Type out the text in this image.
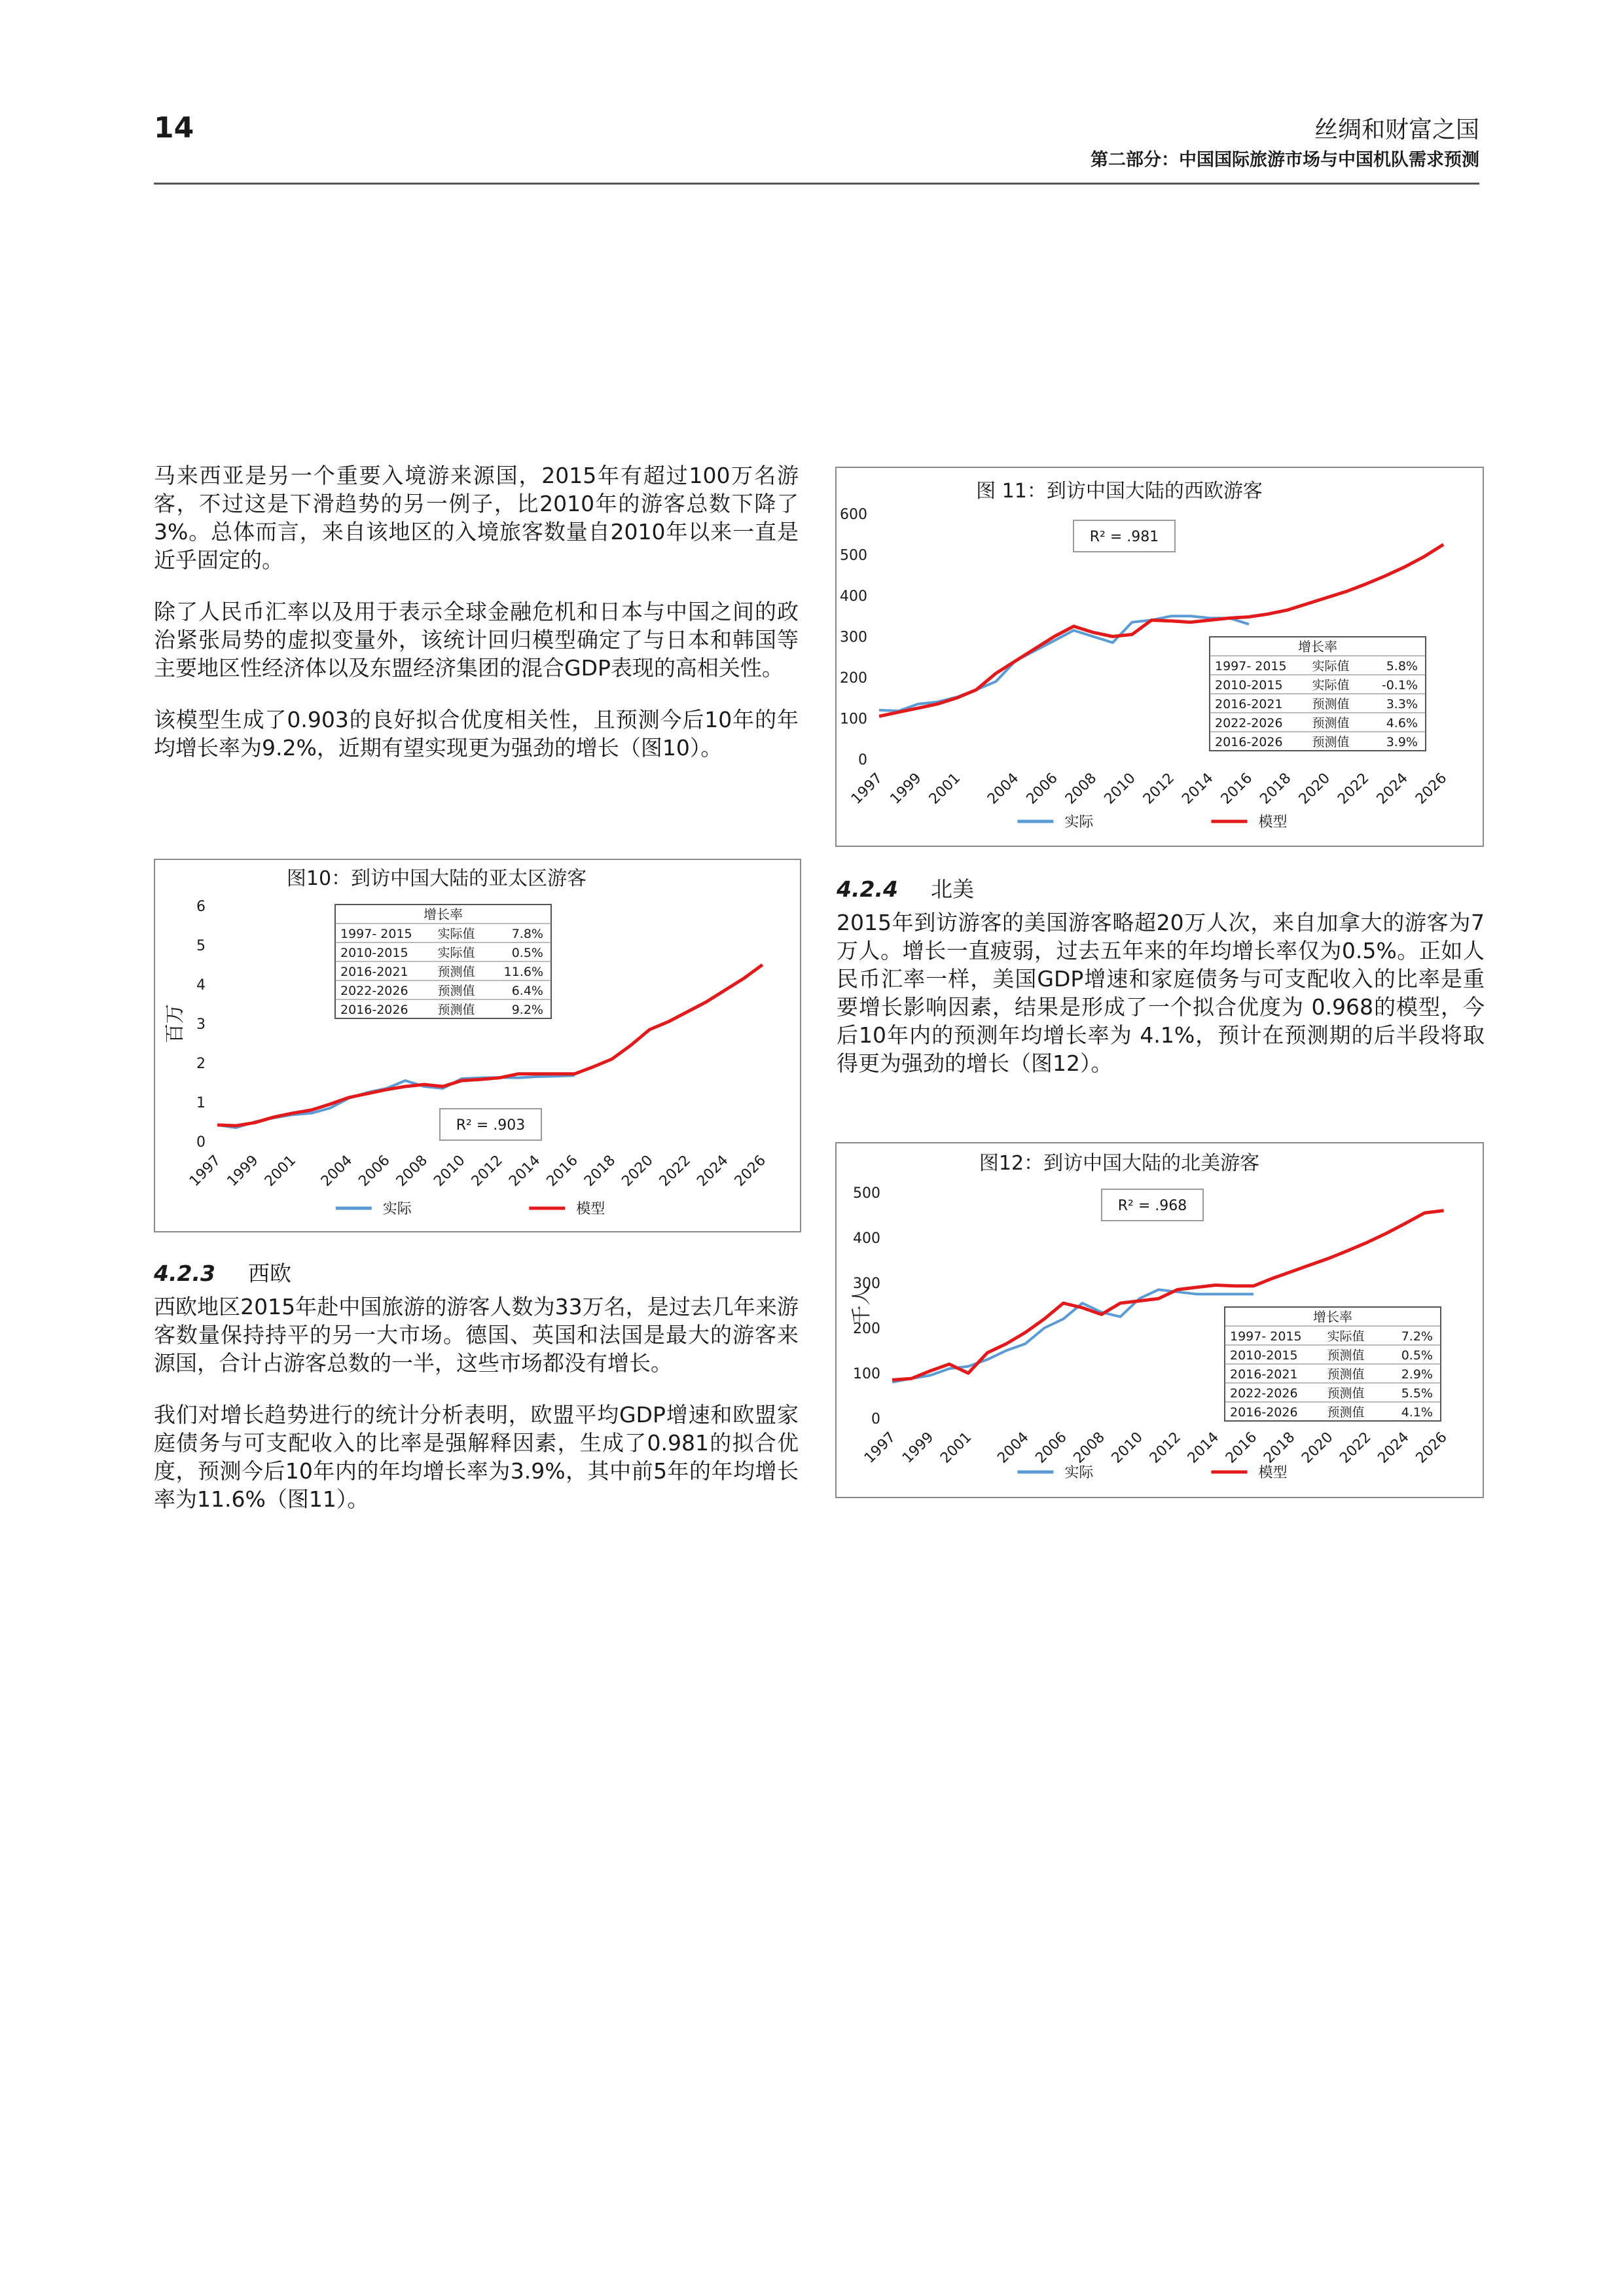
14	丝绸和财富之国
第二部分：中国国际旅游市场与中国机队需求预测

马来西亚是另一个重要入境游来源国，2015年有超过100万名游客，不过这是下滑趋势的另一例子，比2010年的游客总数下降了3%。总体而言，来自该地区的入境旅客数量自2010年以来一直是近乎固定的。

除了人民币汇率以及用于表示全球金融危机和日本与中国之间的政治紧张局势的虚拟变量外，该统计回归模型确定了与日本和韩国等主要地区性经济体以及东盟经济集团的混合GDP表现的高相关性。

该模型生成了0.903的良好拟合优度相关性，且预测今后10年的年均增长率为9.2%，近期有望实现更为强劲的增长（图10）。

图10：到访中国大陆的亚太区游客
百万
0
1
2
3
4
5
6
1997 1999 2001 2004 2006 2008 2010 2012 2014 2016 2018 2020 2022 2024 2026
R² = .903
增长率
1997- 2015 实际值	7.8%
2010-2015 实际值	0.5%
2016-2021 预测值 11.6%
2022-2026 预测值	6.4%
2016-2026 预测值	9.2%
实际	模型
4.2.3 西欧

西欧地区2015年赴中国旅游的游客人数为33万名，是过去几年来游客数量保持持平的另一大市场。德国、英国和法国是最大的游客来源国，合计占游客总数的一半，这些市场都没有增长。

我们对增长趋势进行的统计分析表明，欧盟平均GDP增速和欧盟家庭债务与可支配收入的比率是强解释因素，生成了0.981的拟合优度，预测今后10年内的年均增长率为3.9%，其中前5年的年均增长率为11.6%（图11）。

图 11：到访中国大陆的西欧游客
0
100
200
300
400
500
600
1997 1999 2001 2004 2006 2008 2010 2012 2014 2016 2018 2020 2022 2024 2026
R² = .981
增长率
1997- 2015 实际值	5.8%
2010-2015 实际值	-0.1%
2016-2021 预测值	3.3%
2022-2026 预测值	4.6%
2016-2026 预测值	3.9%
实际	模型
4.2.4 北美

2015年到访游客的美国游客略超20万人次，来自加拿大的游客为7万人。增长一直疲弱，过去五年来的年均增长率仅为0.5%。正如人民币汇率一样，美国GDP增速和家庭债务与可支配收入的比率是重要增长影响因素，结果是形成了一个拟合优度为 0.968的模型，今后10年内的预测年均增长率为 4.1%，预计在预测期的后半段将取得更为强劲的增长（图12）。

图12：到访中国大陆的北美游客
千人
0
100
200
300
400
500
1997 1999 2001 2004 2006 2008 2010 2012 2014 2016 2018 2020 2022 2024 2026
R² = .968
增长率
1997- 2015 实际值	7.2%
2010-2015 预测值	0.5%
2016-2021 预测值	2.9%
2022-2026 预测值	5.5%
2016-2026 预测值	4.1%
实际	模型
